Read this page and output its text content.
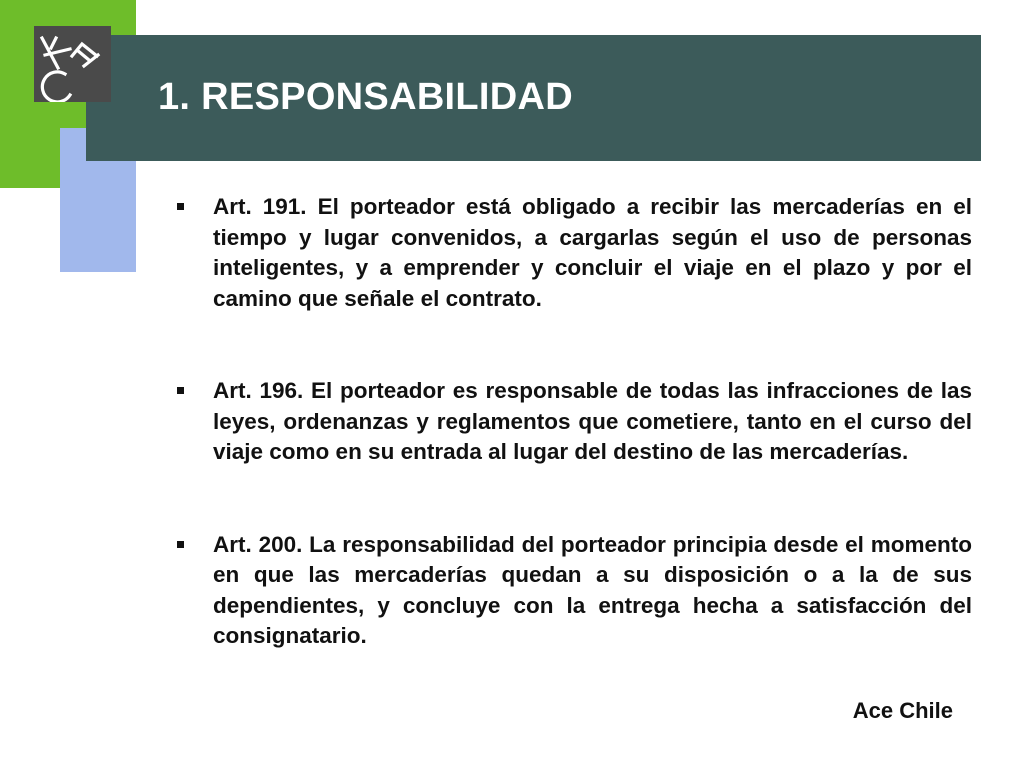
1. RESPONSABILIDAD
Art. 191. El porteador está obligado a recibir las mercaderías en el tiempo y lugar convenidos, a cargarlas según el uso de personas inteligentes, y a emprender y concluir el viaje en el plazo y por el camino que señale el contrato.
Art. 196. El porteador es responsable de todas las infracciones de las leyes, ordenanzas y reglamentos que cometiere, tanto en el curso del viaje como en su entrada al lugar del destino de las mercaderías.
Art. 200. La responsabilidad del porteador principia desde el momento en que las mercaderías quedan a su disposición o a la de sus dependientes, y concluye con la entrega hecha a satisfacción del consignatario.
Ace Chile
